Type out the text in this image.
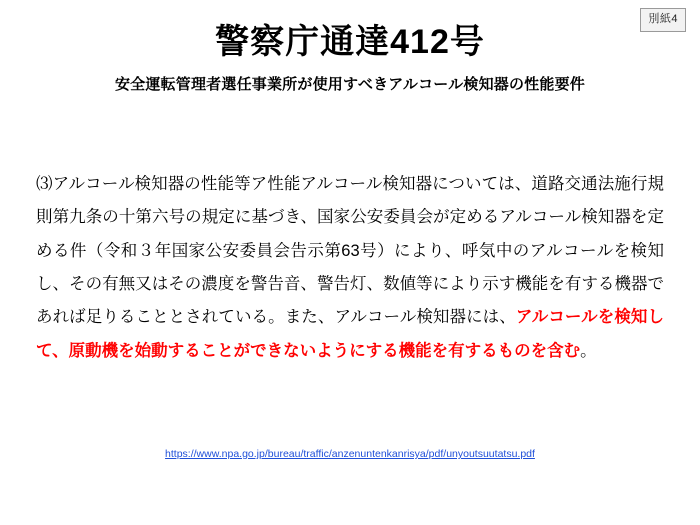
別紙4
警察庁通達412号
安全運転管理者選任事業所が使用すべきアルコール検知器の性能要件
⑶アルコール検知器の性能等ア性能アルコール検知器については、道路交通法施行規則第九条の十第六号の規定に基づき、国家公安委員会が定めるアルコール検知器を定める件（令和３年国家公安委員会告示第63号）により、呼気中のアルコールを検知し、その有無又はその濃度を警告音、警告灯、数値等により示す機能を有する機器であれば足りることとされている。また、アルコール検知器には、アルコールを検知して、原動機を始動することができないようにする機能を有するものを含む。
https://www.npa.go.jp/bureau/traffic/anzenuntenkanrisya/pdf/unyoutsuutatsu.pdf
